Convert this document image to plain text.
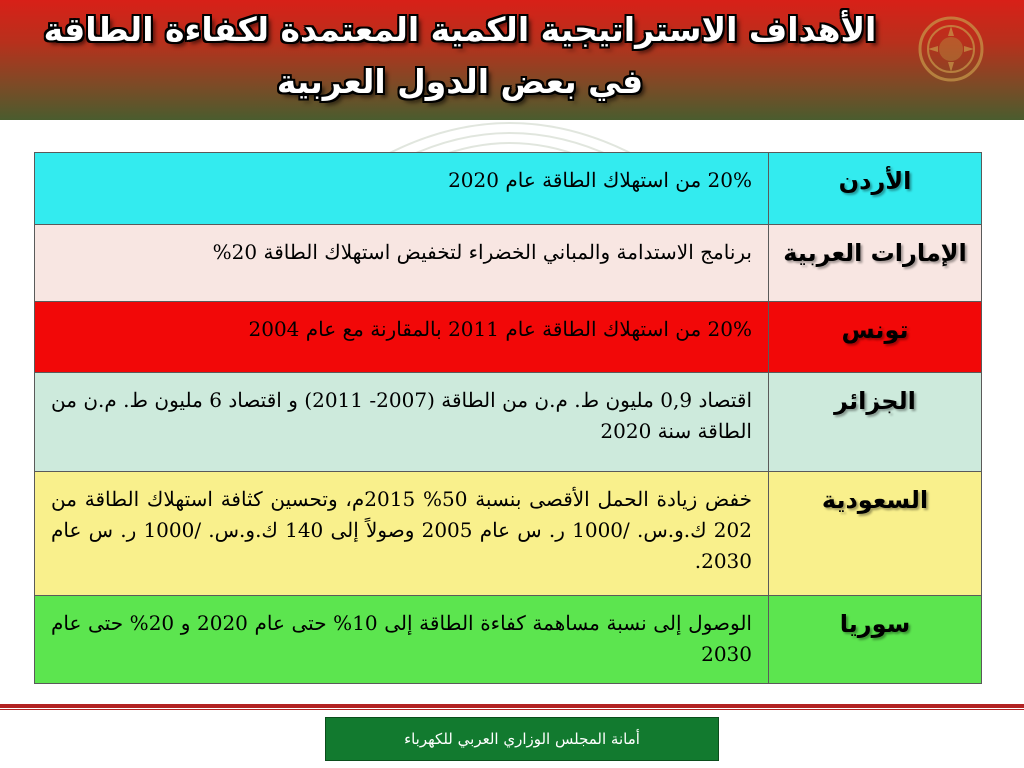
الأهداف الاستراتيجية الكمية المعتمدة لكفاءة الطاقة
في بعض الدول العربية
الأردن	20% من استهلاك الطاقة عام 2020
الإمارات العربية	برنامج الاستدامة والمباني الخضراء لتخفيض استهلاك الطاقة 20%
تونس	20% من استهلاك الطاقة عام 2011 بالمقارنة مع عام 2004
الجزائر	اقتصاد 0,9 مليون ط. م.ن من الطاقة (2007- 2011) و اقتصاد 6 مليون ط. م.ن من الطاقة سنة 2020
السعودية	خفض زيادة الحمل الأقصى بنسبة 50% 2015م، وتحسين كثافة استهلاك الطاقة من 202 ك.و.س. /1000 ر. س عام 2005 وصولاً إلى 140 ك.و.س. /1000 ر. س عام 2030.
سوريا	الوصول إلى نسبة مساهمة كفاءة الطاقة إلى 10% حتى عام 2020 و 20% حتى عام 2030
أمانة المجلس الوزاري العربي للكهرباء
